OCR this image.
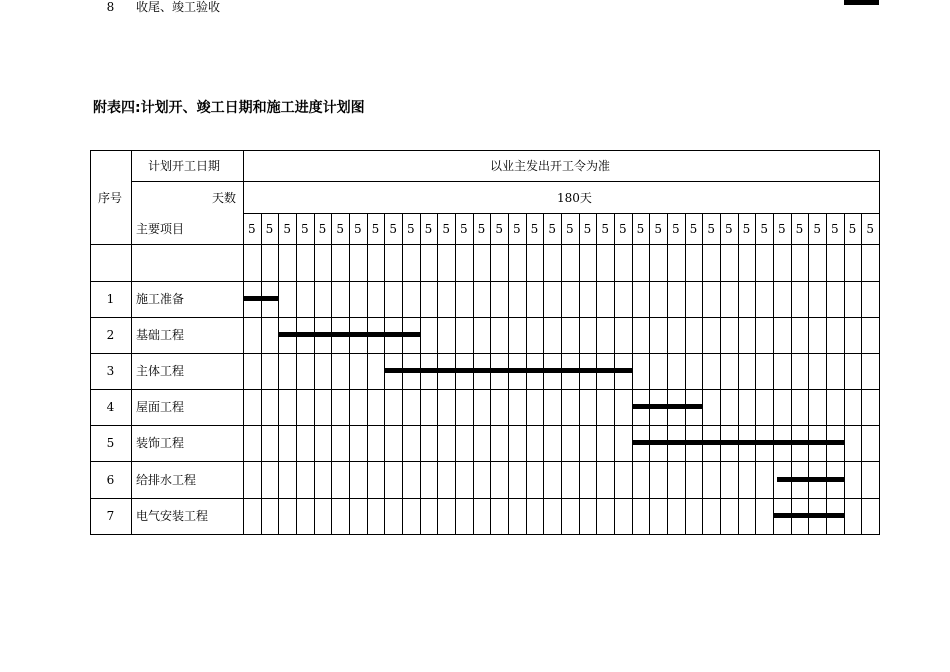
附表四:计划开、竣工日期和施工进度计划图
序号
计划开工日期	以业主发出开工令为准
天数	180天
主要项目	5 5 5 5 5 5 5 5 5 5 5 5 5 5 5 5 5 5 5 5 5 5 5 5 5 5 5 5 5 5 5 5 5 5 5 5
1	施工准备
2	基础工程
3	主体工程
4	屋面工程
5	装饰工程
6	给排水工程
7	电气安装工程
8	收尾、竣工验收
